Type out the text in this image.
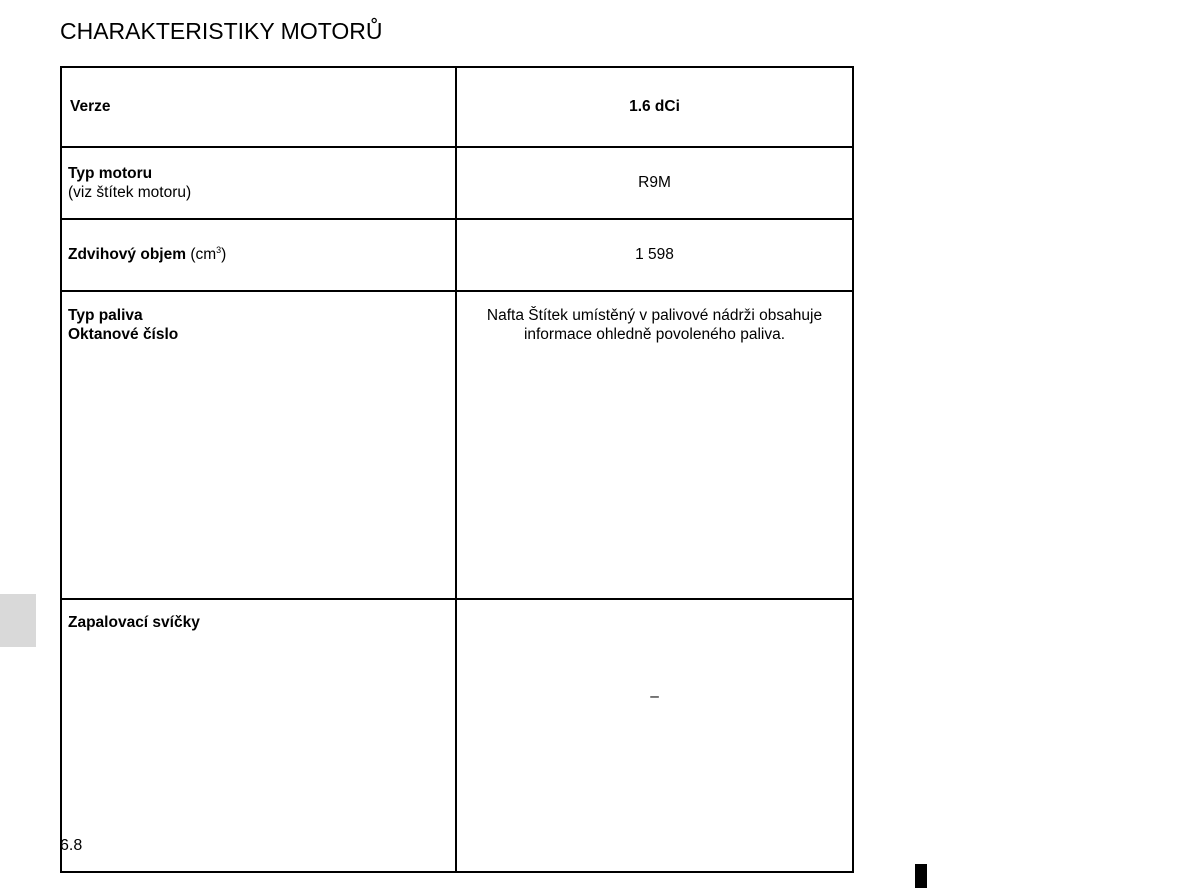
CHARAKTERISTIKY MOTORŮ
Verze	1.6 dCi

Typ motoru
(viz štítek motoru)	R9M
Zdvihový objem $(cm^3)$	1 598

Typ paliva
Oktanové číslo	Nafta Štítek umístěný v palivové nádrži obsahuje
informace ohledně povoleného paliva.

Zapalovací svíčky	–
6.8
